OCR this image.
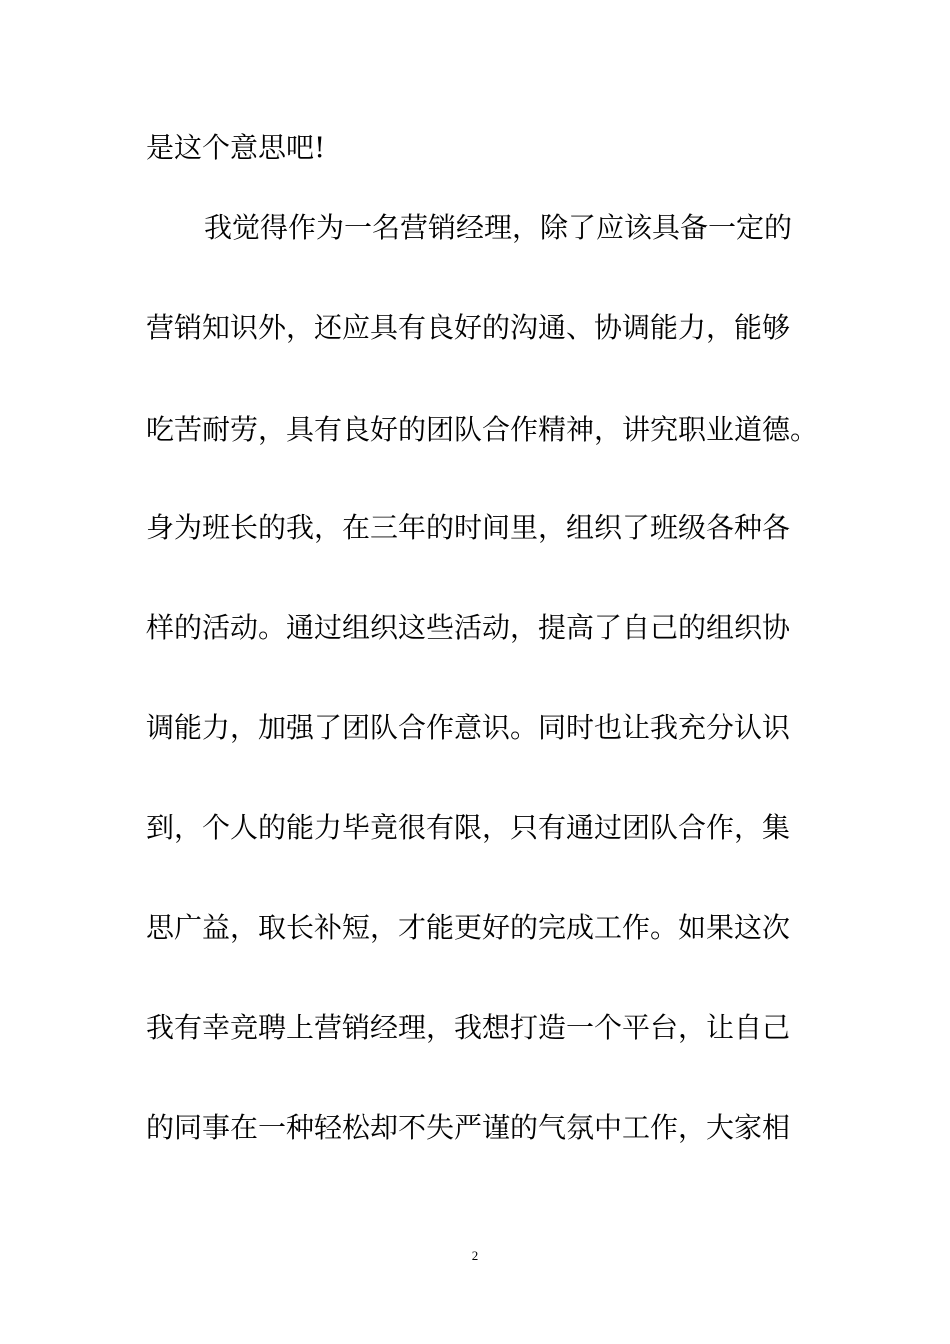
是这个意思吧!

我觉得作为一名营销经理，除了应该具备一定的

营销知识外，还应具有良好的沟通、协调能力，能够

吃苦耐劳，具有良好的团队合作精神，讲究职业道德。

身为班长的我，在三年的时间里，组织了班级各种各

样的活动。通过组织这些活动，提高了自己的组织协

调能力，加强了团队合作意识。同时也让我充分认识

到，个人的能力毕竟很有限，只有通过团队合作，集

思广益，取长补短，才能更好的完成工作。如果这次

我有幸竞聘上营销经理，我想打造一个平台，让自己

的同事在一种轻松却不失严谨的气氛中工作，大家相

2
